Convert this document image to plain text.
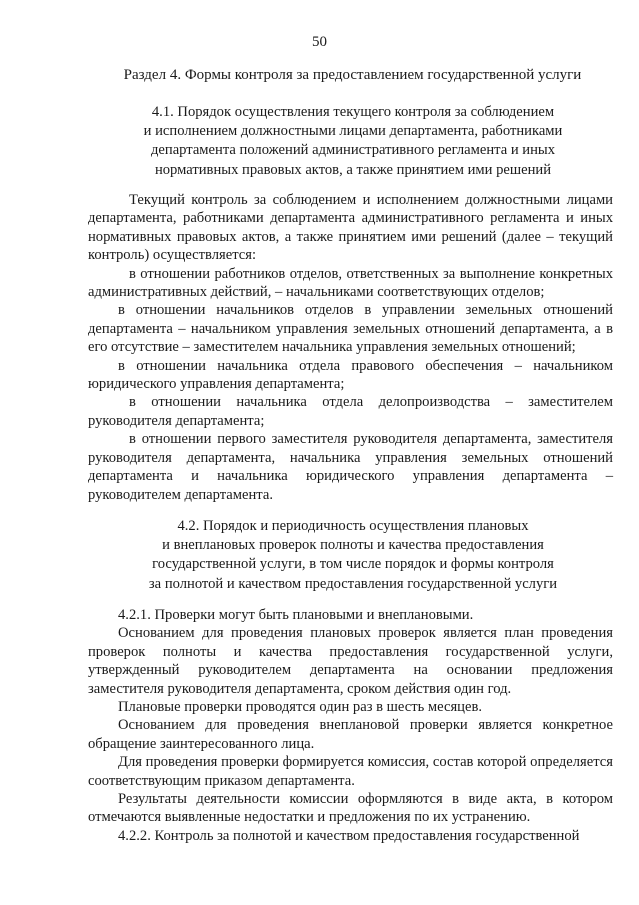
50
Раздел 4. Формы контроля за предоставлением государственной услуги
4.1. Порядок осуществления текущего контроля за соблюдением
и исполнением должностными лицами департамента, работниками
департамента положений административного регламента и иных
нормативных правовых актов, а также принятием ими решений

Текущий контроль за соблюдением и исполнением должностными лицами департамента, работниками департамента административного регламента и иных нормативных правовых актов, а также принятием ими решений (далее – текущий контроль) осуществляется:

в отношении работников отделов, ответственных за выполнение конкретных административных действий, – начальниками соответствующих отделов;

в отношении начальников отделов в управлении земельных отношений департамента – начальником управления земельных отношений департамента, а в его отсутствие – заместителем начальника управления земельных отношений;

в отношении начальника отдела правового обеспечения – начальником юридического управления департамента;

в отношении начальника отдела делопроизводства – заместителем руководителя департамента;

в отношении первого заместителя руководителя департамента, заместителя руководителя департамента, начальника управления земельных отношений департамента и начальника юридического управления департамента – руководителем департамента.

4.2. Порядок и периодичность осуществления плановых
и внеплановых проверок полноты и качества предоставления
государственной услуги, в том числе порядок и формы контроля
за полнотой и качеством предоставления государственной услуги

4.2.1. Проверки могут быть плановыми и внеплановыми.

Основанием для проведения плановых проверок является план проведения проверок полноты и качества предоставления государственной услуги, утвержденный руководителем департамента на основании предложения заместителя руководителя департамента, сроком действия один год.

Плановые проверки проводятся один раз в шесть месяцев.

Основанием для проведения внеплановой проверки является конкретное обращение заинтересованного лица.

Для проведения проверки формируется комиссия, состав которой определяется соответствующим приказом департамента.

Результаты деятельности комиссии оформляются в виде акта, в котором отмечаются выявленные недостатки и предложения по их устранению.

4.2.2. Контроль за полнотой и качеством предоставления государственной
